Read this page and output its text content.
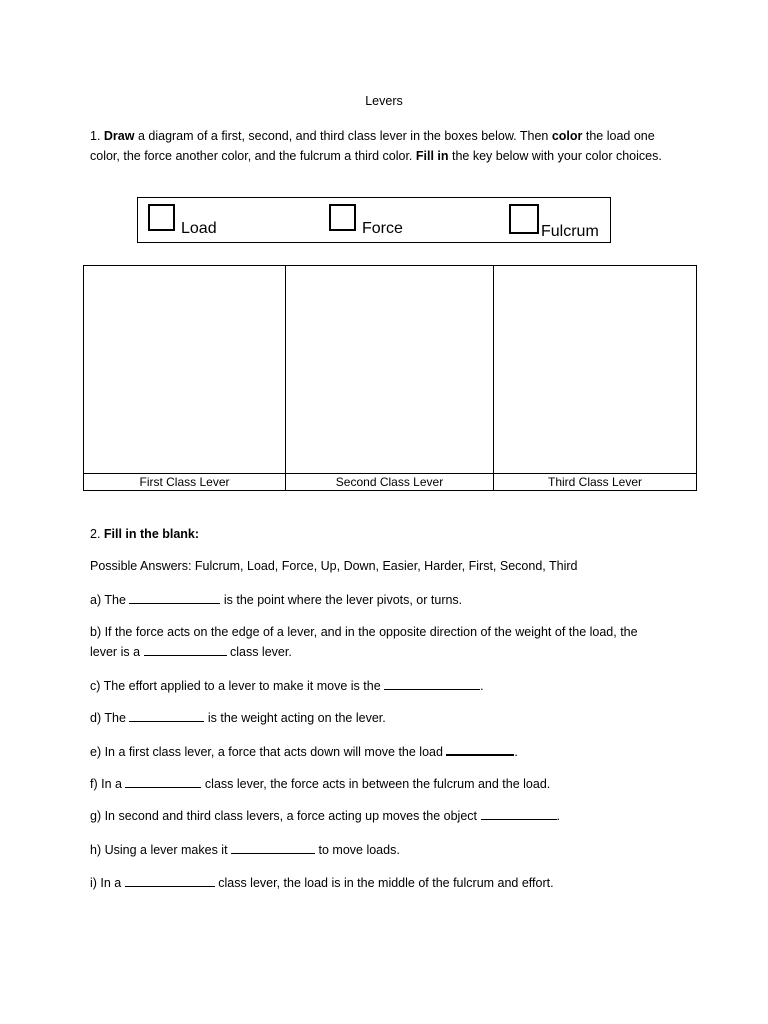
Levers
1. Draw a diagram of a first, second, and third class lever in the boxes below. Then color the load one color, the force another color, and the fulcrum a third color. Fill in the key below with your color choices.
Load	Force	Fulcrum

First Class Lever	Second Class Lever	Third Class Lever
2. Fill in the blank:
Possible Answers: Fulcrum, Load, Force, Up, Down, Easier, Harder, First, Second, Third
a) The	is the point where the lever pivots, or turns.
b) If the force acts on the edge of a lever, and in the opposite direction of the weight of the load, the
lever is a	class lever.
c) The effort applied to a lever to make it move is the	.
d) The	is the weight acting on the lever.
e) In a first class lever, a force that acts down will move the load	.
f) In a	class lever, the force acts in between the fulcrum and the load.
g) In second and third class levers, a force acting up moves the object	.
h) Using a lever makes it	to move loads.
i) In a	class lever, the load is in the middle of the fulcrum and effort.
